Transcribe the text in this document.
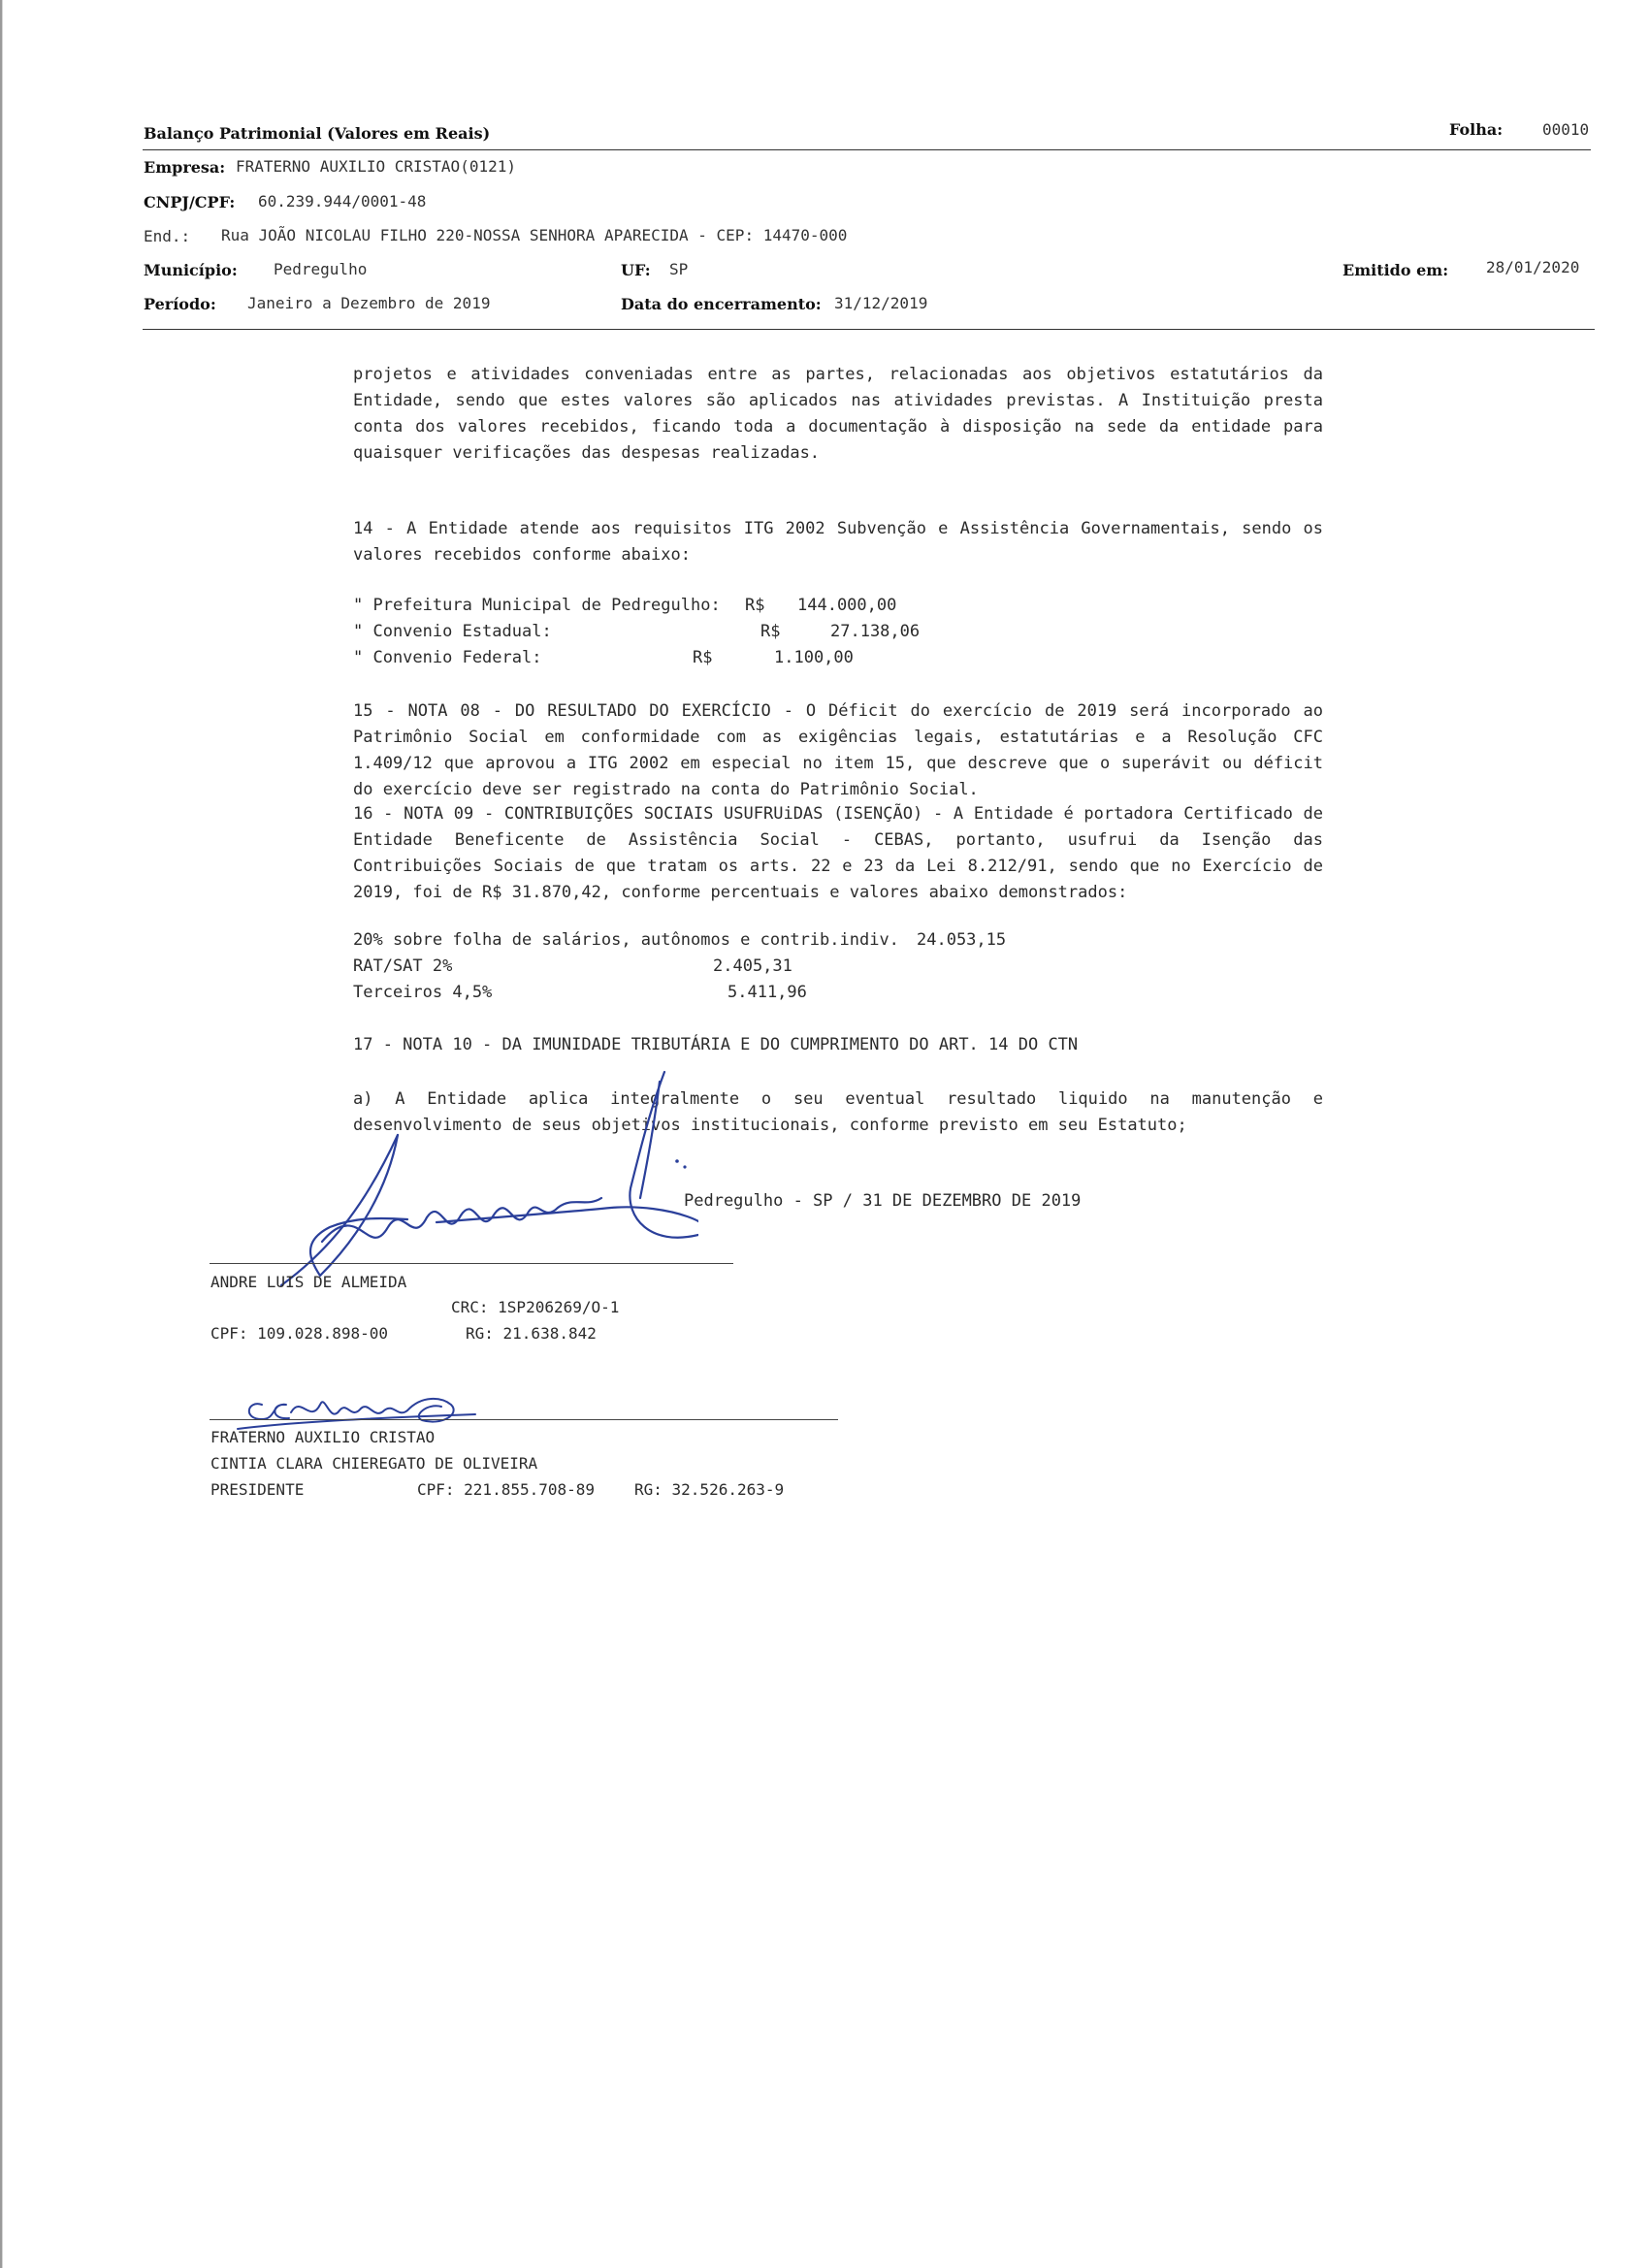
Balanço Patrimonial (Valores em Reais)	Folha:	00010
Empresa: FRATERNO AUXILIO CRISTAO(0121)
CNPJ/CPF: 60.239.944/0001-48
End.: Rua JOÃO NICOLAU FILHO 220-NOSSA SENHORA APARECIDA - CEP: 14470-000
Município: Pedregulho	UF: SP	Emitido em: 28/01/2020
Período: Janeiro a Dezembro de 2019	Data do encerramento: 31/12/2019
projetos e atividades conveniadas entre as partes, relacionadas aos objetivos estatutários da Entidade, sendo que estes valores são aplicados nas atividades previstas. A Instituição presta conta dos valores recebidos, ficando toda a documentação à disposição na sede da entidade para quaisquer verificações das despesas realizadas.
14 - A Entidade atende aos requisitos ITG 2002 Subvenção e Assistência Governamentais, sendo os valores recebidos conforme abaixo:
" Prefeitura Municipal de Pedregulho: R$ 144.000,00
" Convenio Estadual:	R$	27.138,06
" Convenio Federal:	R$	1.100,00
15 - NOTA 08 - DO RESULTADO DO EXERCÍCIO - O Déficit do exercício de 2019 será incorporado ao Patrimônio Social em conformidade com as exigências legais, estatutárias e a Resolução CFC 1.409/12 que aprovou a ITG 2002 em especial no item 15, que descreve que o superávit ou déficit do exercício deve ser registrado na conta do Patrimônio Social.
16 - NOTA 09 - CONTRIBUIÇÕES SOCIAIS USUFRUiDAS (ISENÇÃO) - A Entidade é portadora Certificado de Entidade Beneficente de Assistência Social - CEBAS, portanto, usufrui da Isenção das Contribuições Sociais de que tratam os arts. 22 e 23 da Lei 8.212/91, sendo que no Exercício de 2019, foi de R$ 31.870,42, conforme percentuais e valores abaixo demonstrados:
20% sobre folha de salários, autônomos e contrib.indiv. 24.053,15
RAT/SAT 2%	2.405,31
Terceiros 4,5%	5.411,96
17 - NOTA 10 - DA IMUNIDADE TRIBUTÁRIA E DO CUMPRIMENTO DO ART. 14 DO CTN
a) A Entidade aplica integralmente o seu eventual resultado liquido na manutenção e desenvolvimento de seus objetivos institucionais, conforme previsto em seu Estatuto;
Pedregulho - SP / 31 DE DEZEMBRO DE 2019
ANDRE LUIS DE ALMEIDA
CRC: 1SP206269/O-1
CPF: 109.028.898-00	RG: 21.638.842
FRATERNO AUXILIO CRISTAO
CINTIA CLARA CHIEREGATO DE OLIVEIRA
PRESIDENTE	CPF: 221.855.708-89	RG: 32.526.263-9
